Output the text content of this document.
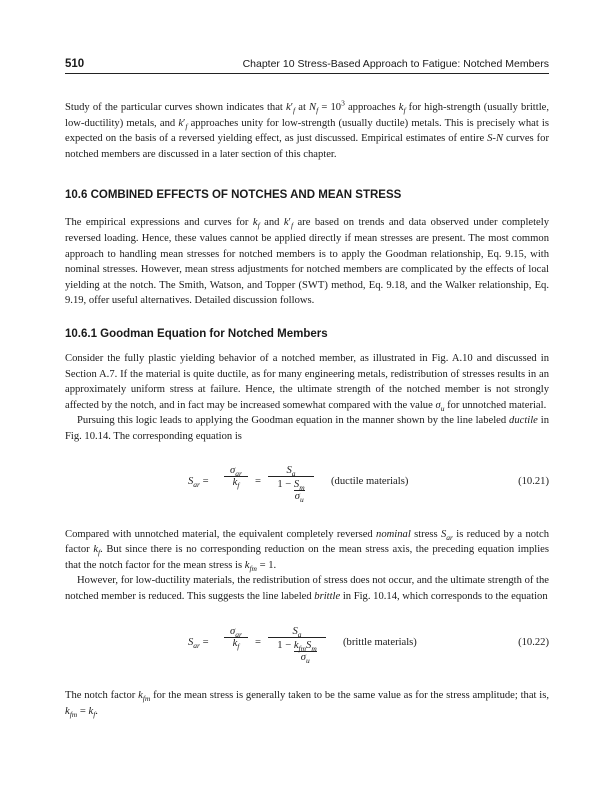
510	Chapter 10 Stress-Based Approach to Fatigue: Notched Members

Study of the particular curves shown indicates that $k'_f$ at $N_f = 10^3$ approaches $k_f$ for high-strength (usually brittle, low-ductility) metals, and $k'_f$ approaches unity for low-strength (usually ductile) metals. This is precisely what is expected on the basis of a reversed yielding effect, as just discussed. Empirical estimates of entire S-N curves for notched members are discussed in a later section of this chapter.

10.6 COMBINED EFFECTS OF NOTCHES AND MEAN STRESS

The empirical expressions and curves for $k_f$ and $k'_f$ are based on trends and data observed under completely reversed loading. Hence, these values cannot be applied directly if mean stresses are present. The most common approach to handling mean stresses for notched members is to apply the Goodman relationship, Eq. 9.15, with nominal stresses. However, mean stress adjustments for notched members are complicated by the effects of local yielding at the notch. The Smith, Watson, and Topper (SWT) method, Eq. 9.18, and the Walker relationship, Eq. 9.19, offer useful alternatives. Detailed discussion follows.

10.6.1 Goodman Equation for Notched Members

Consider the fully plastic yielding behavior of a notched member, as illustrated in Fig. A.10 and discussed in Section A.7. If the material is quite ductile, as for many engineering metals, redistribution of stresses results in an approximately uniform stress at failure. Hence, the ultimate strength of the notched member is not strongly affected by the notch, and in fact may be increased somewhat compared with the value $\sigma_u$ for unnotched material.

Pursuing this logic leads to applying the Goodman equation in the manner shown by the line labeled ductile in Fig. 10.14. The corresponding equation is

$S_{ar}$ =
$\sigma_{ar}$
$k_f$	=
$S_a$
$1 - \frac{S_m}{\sigma_u}$ (ductile materials)	(10.21)

Compared with unnotched material, the equivalent completely reversed nominal stress $S_{ar}$ is reduced by a notch factor $k_f$. But since there is no corresponding reduction on the mean stress axis, the preceding equation implies that the notch factor for the mean stress is $k_{fm} = 1$.

However, for low-ductility materials, the redistribution of stress does not occur, and the ultimate strength of the notched member is reduced. This suggests the line labeled brittle in Fig. 10.14, which corresponds to the equation

$S_{ar}$ =
$\sigma_{ar}$
$k_f$	=
$S_a$
$1 - k_{fm}S_m$
$\sigma_u$
(brittle materials)	(10.22)

The notch factor $k_{fm}$ for the mean stress is generally taken to be the same value as for the stress amplitude; that is, $k_{fm} = k_f$.
